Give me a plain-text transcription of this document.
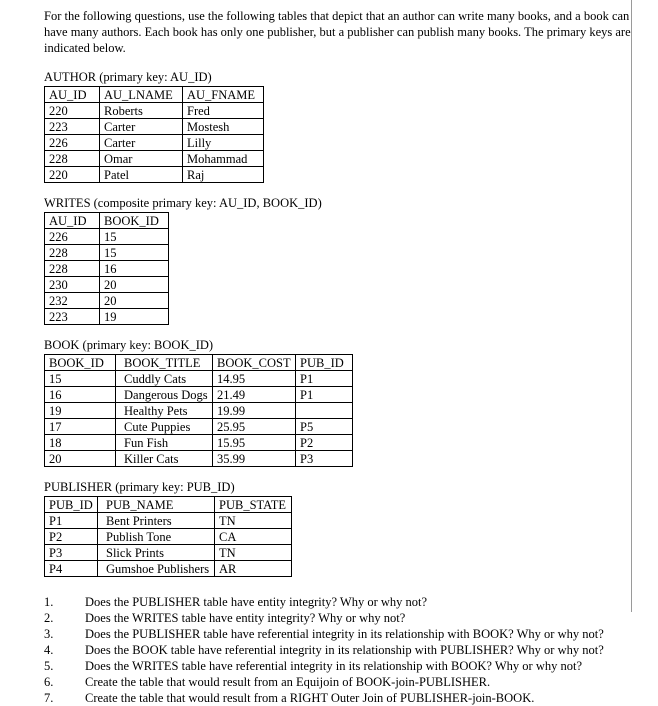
For the following questions, use the following tables that depict that an author can write many books, and a book can have many authors. Each book has only one publisher, but a publisher can publish many books. The primary keys are indicated below.
AUTHOR (primary key: AU_ID)
AU_ID	AU_LNAME	AU_FNAME
220	Roberts	Fred
223	Carter	Mostesh
226	Carter	Lilly
228	Omar	Mohammad
220	Patel	Raj
WRITES (composite primary key: AU_ID, BOOK_ID)
AU_ID	BOOK_ID
226	15
228	15
228	16
230	20
232	20
223	19
BOOK (primary key: BOOK_ID)
BOOK_ID	BOOK_TITLE	BOOK_COST	PUB_ID
15	Cuddly Cats	14.95	P1
16	Dangerous Dogs	21.49	P1
19	Healthy Pets	19.99	
17	Cute Puppies	25.95	P5
18	Fun Fish	15.95	P2
20	Killer Cats	35.99	P3
PUBLISHER (primary key: PUB_ID)
PUB_ID	PUB_NAME	PUB_STATE
P1	Bent Printers	TN
P2	Publish Tone	CA
P3	Slick Prints	TN
P4	Gumshoe Publishers	AR
1.	Does the PUBLISHER table have entity integrity? Why or why not?
2.	Does the WRITES table have entity integrity? Why or why not?
3.	Does the PUBLISHER table have referential integrity in its relationship with BOOK? Why or why not?
4.	Does the BOOK table have referential integrity in its relationship with PUBLISHER? Why or why not?
5.	Does the WRITES table have referential integrity in its relationship with BOOK? Why or why not?
6.	Create the table that would result from an Equijoin of BOOK-join-PUBLISHER.
7.	Create the table that would result from a RIGHT Outer Join of PUBLISHER-join-BOOK.
